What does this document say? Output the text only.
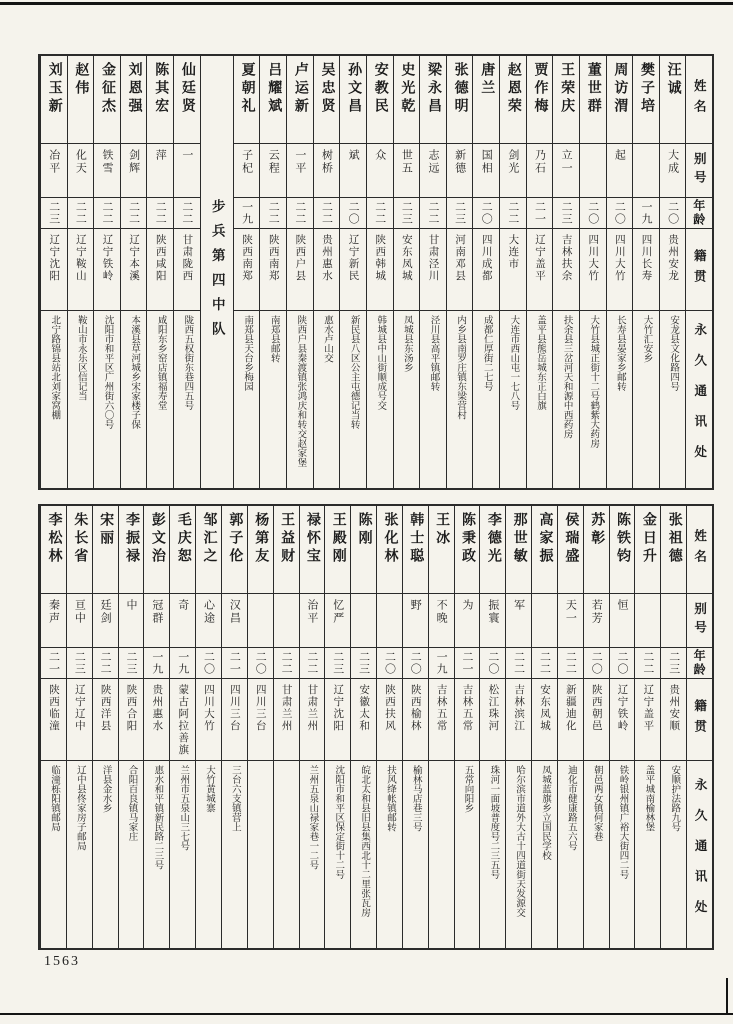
姓名
别号
年龄
籍贯
永久通讯处
汪诚
大成
二〇
贵州安龙
安龙县文化路四号
樊子培
一九
四川长寿
大竹汇安乡
周访渭
起
二〇
四川大竹
长寿县晏家乡邮转
董世群
二〇
四川大竹
大竹县城正街十二号鹤紫大药房
王荣庆
立一
二三
吉林扶余
扶余县三岔河天和源中西药房
贾作梅
乃石
二一
辽宁盖平
盖平县熊岳城东正白旗
赵恩荣
剑光
二二
大连市
大连市西山屯一七八号
唐兰
国相
二〇
四川成都
成都仁厚街二七号
张德明
新德
二三
河南邓县
内乡县南罗庄镇东梁营村
梁永昌
志远
二二
甘肃泾川
泾川县高平镇邮转
史光乾
世五
二三
安东凤城
凤城县东汤乡
安教民
众
二二
陕西韩城
韩城县中山街顺成号交
孙文昌
斌
二〇
辽宁新民
新民县八区公主屯德记当转
吴忠贤
树桥
二二
贵州惠水
惠水卢山交
卢运新
一平
二二
陕西户县
陕西户县秦渡镇张鸿庆和转交赵家堡
吕耀斌
云程
二二
陕西南郑
南郑县邮转
夏朝礼
子杞
一九
陕西南郑
南郑县天台乡梅园
步兵第四中队
仙廷贤
一
二二
甘肃陇西
陇西五权街东巷四五号
陈其宏
萍
二二
陕西咸阳
咸阳东乡窑店镇福寿堂
刘恩强
剑辉
二二
辽宁本溪
本溪县草河城乡宋家楼子保
金征杰
铁雪
二二
辽宁铁岭
沈阳市和平区广州街六〇号
赵伟
化天
二二
辽宁鞍山
鞍山市永乐区信记当
刘玉新
冶平
二三
辽宁沈阳
北宁路锦县站北刘家窝棚
姓名
别号
年龄
籍贯
永久通讯处
张祖德
二三
贵州安顺
安顺护法路九号
金日升
二二
辽宁盖平
盖平城南榆林堡
陈铁钧
恒
二〇
辽宁铁岭
铁岭银州镇广裕大街四二号
苏彰
若芳
二〇
陕西朝邑
朝邑两女镇何家巷
侯瑞盛
天一
二二
新疆迪化
迪化市健康路五六号
高家振
二二
安东凤城
凤城蓝旗乡立国民学校
那世敏
军
二二
吉林滨江
哈尔滨市道外大古十四道街天发源交
李德光
振寰
二〇
松江珠河
珠河一面坡普度号二三五号
陈秉政
为
二一
吉林五常
五常向阳乡
王冰
不晚
一九
吉林五常
韩士聪
野
二〇
陕西榆林
榆林马店巷三号
张化林
二〇
陕西扶风
扶风绛帐镇邮转
陈刚
二三
安徽太和
皖北太和县旧县集西北十二里张瓦房
王殿刚
忆严
二三
辽宁沈阳
沈阳市和平区保定街十二号
禄怀宝
治平
二二
甘肃兰州
兰州五泉山禄家巷一二号
王益财
二二
甘肃兰州
杨第友
二〇
四川三台
郭子伦
汉昌
二一
四川三台
三台六支镇营上
邹汇之
心途
二〇
四川大竹
大竹黄城寨
毛庆恕
奇
一九
蒙古阿拉善旗
兰州市五泉山三七号
彭文治
冠群
一九
贵州惠水
惠水和平镇新民路二三号
李振禄
中
二三
陕西合阳
合阳百良镇马家庄
宋丽
廷剑
二二
陕西洋县
洋县金水乡
朱长省
亘中
二三
辽宁辽中
辽中县佟家房子邮局
李松林
秦声
二一
陕西临潼
临潼栎阳镇邮局
1563
